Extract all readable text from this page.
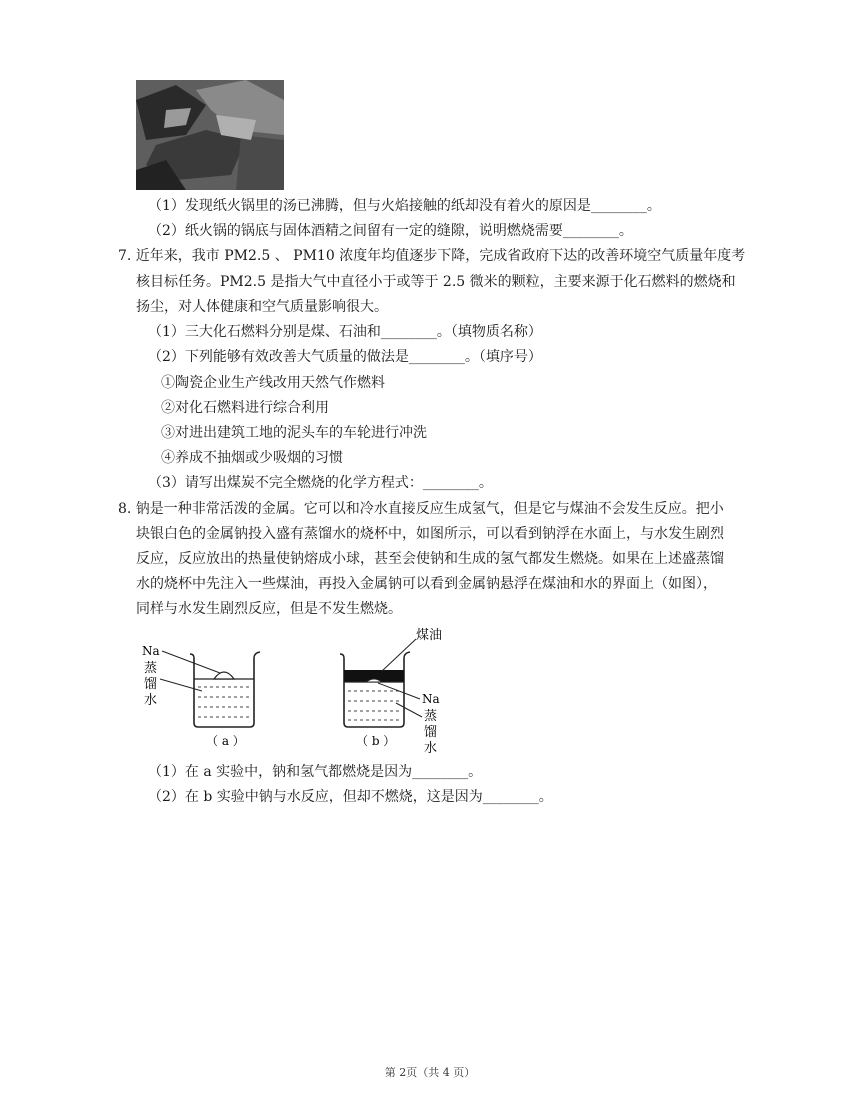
（1）发现纸火锅里的汤已沸腾，但与火焰接触的纸却没有着火的原因是________。
（2）纸火锅的锅底与固体酒精之间留有一定的缝隙，说明燃烧需要________。
7. 近年来，我市 PM2.5 、 PM10 浓度年均值逐步下降，完成省政府下达的改善环境空气质量年度考
核目标任务。PM2.5 是指大气中直径小于或等于 2.5 微米的颗粒，主要来源于化石燃料的燃烧和
扬尘，对人体健康和空气质量影响很大。
（1）三大化石燃料分别是煤、石油和________。（填物质名称）
（2）下列能够有效改善大气质量的做法是________。（填序号）
①陶瓷企业生产线改用天然气作燃料
②对化石燃料进行综合利用
③对进出建筑工地的泥头车的车轮进行冲洗
④养成不抽烟或少吸烟的习惯
（3）请写出煤炭不完全燃烧的化学方程式：________。
8. 钠是一种非常活泼的金属。它可以和冷水直接反应生成氢气，但是它与煤油不会发生反应。把小
块银白色的金属钠投入盛有蒸馏水的烧杯中，如图所示，可以看到钠浮在水面上，与水发生剧烈
反应，反应放出的热量使钠熔成小球，甚至会使钠和生成的氢气都发生燃烧。如果在上述盛蒸馏
水的烧杯中先注入一些煤油，再投入金属钠可以看到金属钠悬浮在煤油和水的界面上（如图），
同样与水发生剧烈反应，但是不发生燃烧。
Na
蒸
馏
水
（ a ）
煤油
Na
蒸
馏
水
（ b ）
（1）在 a 实验中，钠和氢气都燃烧是因为________。
（2）在 b 实验中钠与水反应，但却不燃烧，这是因为________。
第 2页（共 4 页）
